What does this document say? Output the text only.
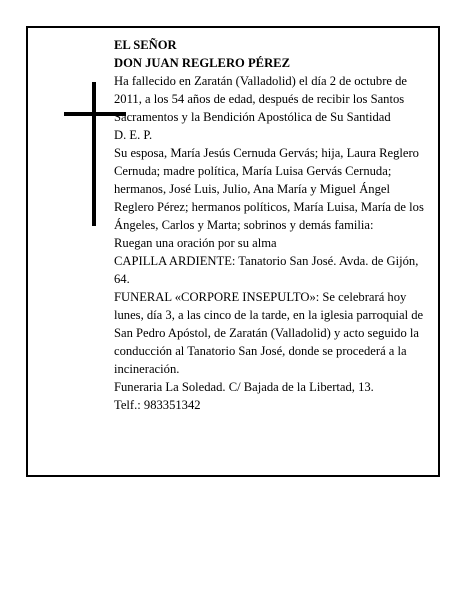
EL SEÑOR

DON JUAN REGLERO PÉREZ

Ha fallecido en Zaratán (Valladolid) el día 2 de octubre de 2011, a los 54 años de edad, después de recibir los Santos Sacramentos y la Bendición Apostólica de Su Santidad

D. E. P.

Su esposa, María Jesús Cernuda Gervás; hija, Laura Reglero Cernuda; madre política, María Luisa Gervás Cernuda; hermanos, José Luis, Julio, Ana María y Miguel Ángel Reglero Pérez; hermanos políticos, María Luisa, María de los Ángeles, Carlos y Marta; sobrinos y demás familia:

Ruegan una oración por su alma

CAPILLA ARDIENTE: Tanatorio San José. Avda. de Gijón, 64.

FUNERAL «CORPORE INSEPULTO»: Se celebrará hoy lunes, día 3, a las cinco de la tarde, en la iglesia parroquial de San Pedro Apóstol, de Zaratán (Valladolid) y acto seguido la conducción al Tanatorio San José, donde se procederá a la incineración.

Funeraria La Soledad. C/ Bajada de la Libertad, 13.

Telf.: 983351342
